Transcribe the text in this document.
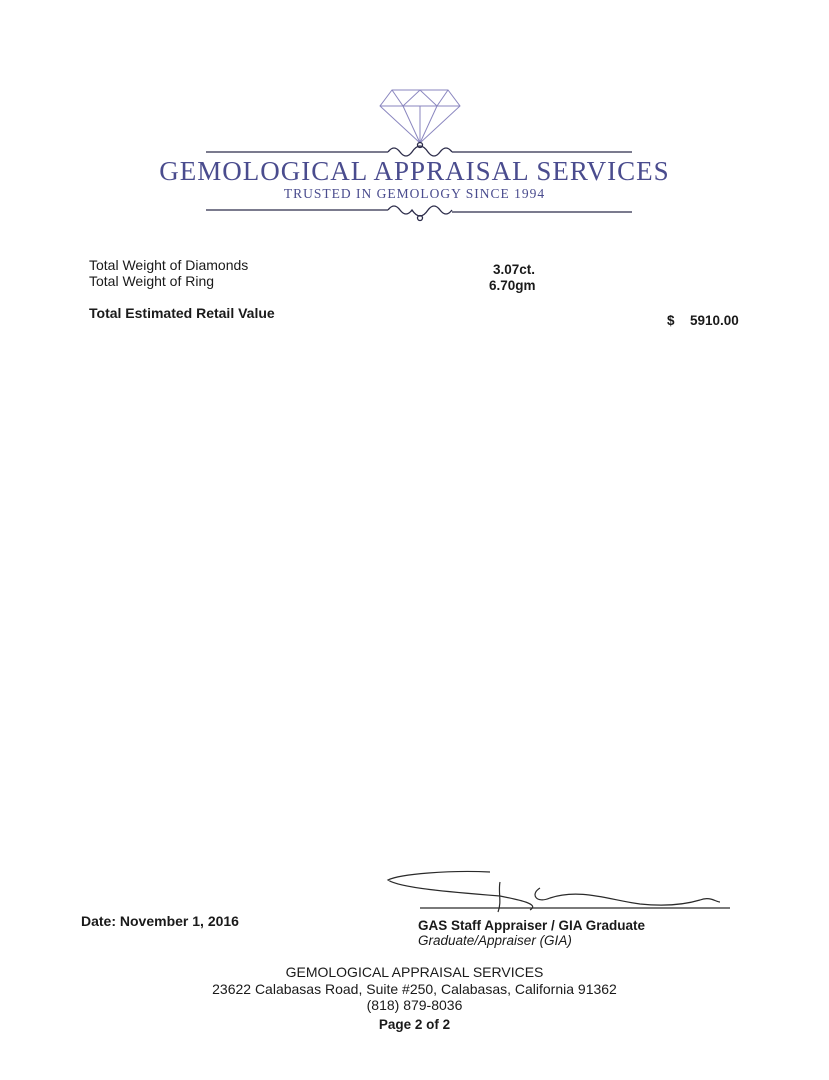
GEMOLOGICAL APPRAISAL SERVICES
TRUSTED IN GEMOLOGY SINCE 1994
Total Weight of Diamonds	3.07ct.
Total Weight of Ring	6.70gm
Total Estimated Retail Value	$ 5910.00
Date: November 1, 2016	GAS Staff Appraiser / GIA Graduate
Graduate/Appraiser (GIA)
GEMOLOGICAL APPRAISAL SERVICES
23622 Calabasas Road, Suite #250, Calabasas, California 91362
(818) 879-8036
Page 2 of 2
